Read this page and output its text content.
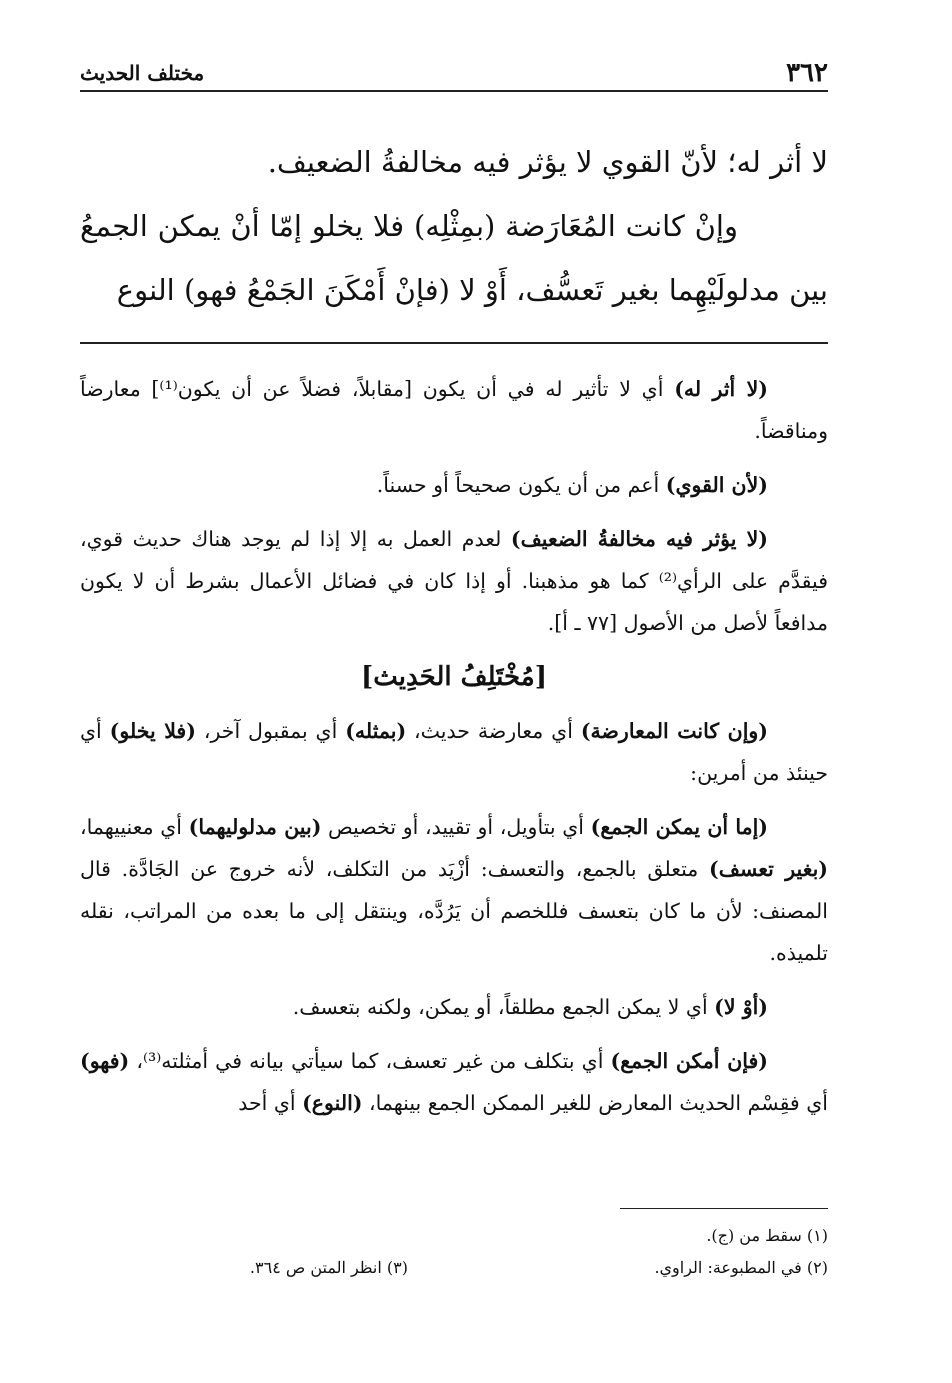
٣٦٢
مختلف الحديث

لا أثر له؛ لأنّ القوي لا يؤثر فيه مخالفةُ الضعيف.

وإنْ كانت المُعَارَضة (بمِثْلِه) فلا يخلو إمّا أنْ يمكن الجمعُ بين مدلولَيْهِما بغير تَعسُّف، أَوْ لا (فإنْ أَمْكَنَ الجَمْعُ فهو) النوع

(لا أثر له) أي لا تأثير له في أن يكون [مقابلاً، فضلاً عن أن يكون⁽¹⁾] معارضاً ومناقضاً.

(لأن القوي) أعم من أن يكون صحيحاً أو حسناً.

(لا يؤثر فيه مخالفةُ الضعيف) لعدم العمل به إلا إذا لم يوجد هناك حديث قوي، فيقدَّم على الرأي⁽²⁾ كما هو مذهبنا. أو إذا كان في فضائل الأعمال بشرط أن لا يكون مدافعاً لأصل من الأصول [٧٧ ـ أ].

[مُخْتَلِفُ الحَدِيث]

(وإن كانت المعارضة) أي معارضة حديث، (بمثله) أي بمقبول آخر، (فلا يخلو) أي حينئذ من أمرين:

(إما أن يمكن الجمع) أي بتأويل، أو تقييد، أو تخصيص (بين مدلوليهما) أي معنييهما، (بغير تعسف) متعلق بالجمع، والتعسف: أزْيَد من التكلف، لأنه خروج عن الجَادَّة. قال المصنف: لأن ما كان بتعسف فللخصم أن يَرُدَّه، وينتقل إلى ما بعده من المراتب، نقله تلميذه.

(أوْ لا) أي لا يمكن الجمع مطلقاً، أو يمكن، ولكنه بتعسف.

(فإن أمكن الجمع) أي بتكلف من غير تعسف، كما سيأتي بيانه في أمثلته⁽³⁾، (فهو) أي فقِسْم الحديث المعارض للغير الممكن الجمع بينهما، (النوع) أي أحد

(١) سقط من (ج).
(٢) في المطبوعة: الراوي.
(٣) انظر المتن ص ٣٦٤.
